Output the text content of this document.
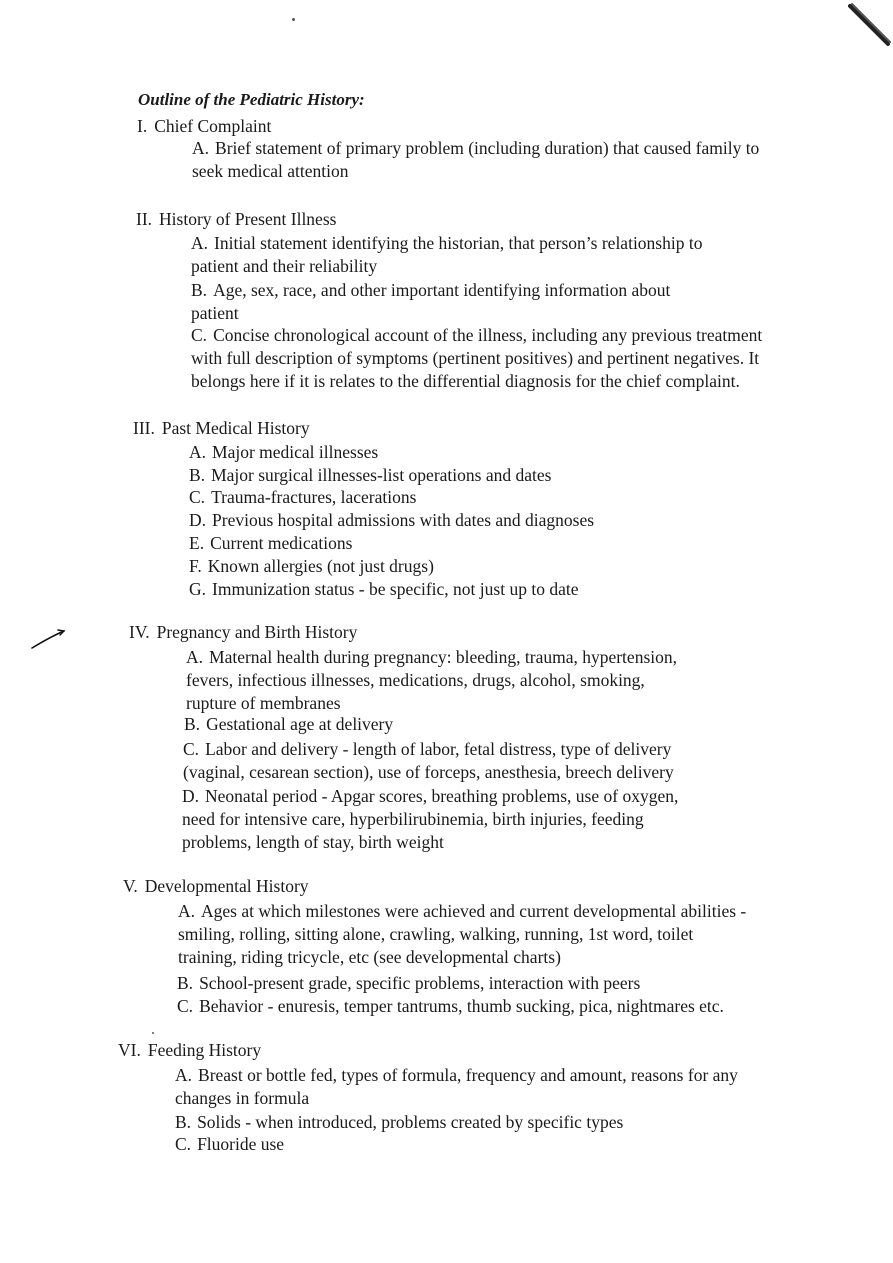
Outline of the Pediatric History:
I. Chief Complaint
A. Brief statement of primary problem (including duration) that caused family to
seek medical attention
II. History of Present Illness
A. Initial statement identifying the historian, that person’s relationship to
patient and their reliability
B. Age, sex, race, and other important identifying information about
patient
C. Concise chronological account of the illness, including any previous treatment
with full description of symptoms (pertinent positives) and pertinent negatives. It
belongs here if it is relates to the differential diagnosis for the chief complaint.
III. Past Medical History
A. Major medical illnesses
B. Major surgical illnesses-list operations and dates
C. Trauma-fractures, lacerations
D. Previous hospital admissions with dates and diagnoses
E. Current medications
F. Known allergies (not just drugs)
G. Immunization status - be specific, not just up to date
IV. Pregnancy and Birth History
A. Maternal health during pregnancy: bleeding, trauma, hypertension,
fevers, infectious illnesses, medications, drugs, alcohol, smoking,
rupture of membranes
B. Gestational age at delivery
C. Labor and delivery - length of labor, fetal distress, type of delivery
(vaginal, cesarean section), use of forceps, anesthesia, breech delivery
D. Neonatal period - Apgar scores, breathing problems, use of oxygen,
need for intensive care, hyperbilirubinemia, birth injuries, feeding
problems, length of stay, birth weight
V. Developmental History
A. Ages at which milestones were achieved and current developmental abilities -
smiling, rolling, sitting alone, crawling, walking, running, 1st word, toilet
training, riding tricycle, etc (see developmental charts)
B. School-present grade, specific problems, interaction with peers
C. Behavior - enuresis, temper tantrums, thumb sucking, pica, nightmares etc.
VI. Feeding History
A. Breast or bottle fed, types of formula, frequency and amount, reasons for any
changes in formula
B. Solids - when introduced, problems created by specific types
C. Fluoride use
